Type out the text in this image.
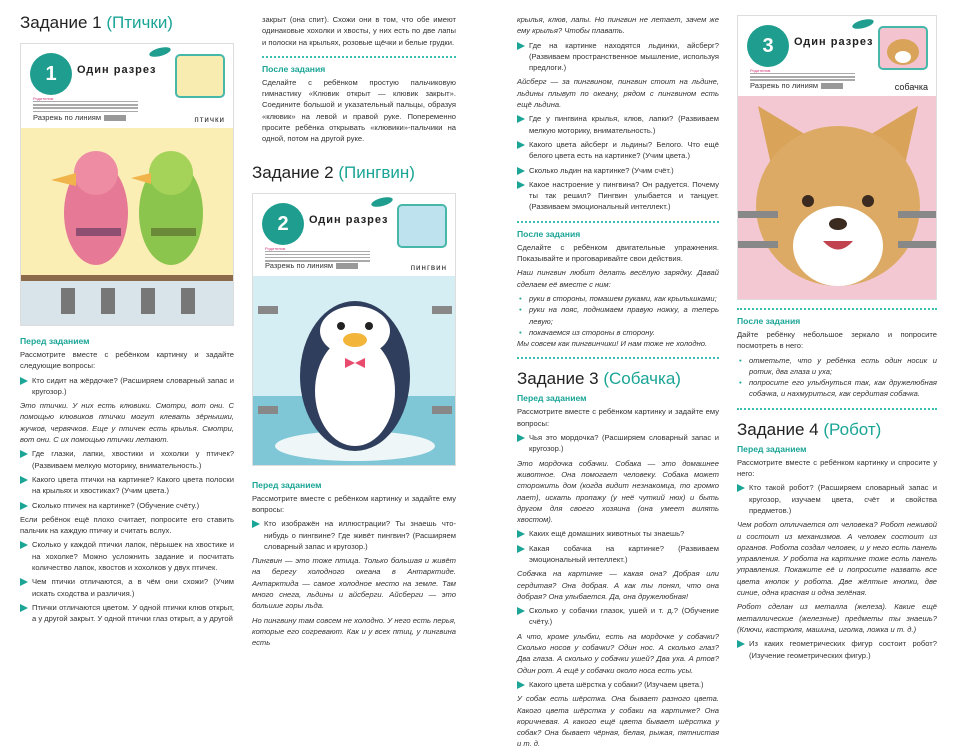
Задание 1 (Птички)
1	Один разрез
Родителям
Разрежь по линиям	птички
Перед заданием
Рассмотрите вместе с ребёнком картинку и задайте следующие вопросы:
Кто сидит на жёрдочке? (Расширяем словарный запас и кругозор.)
Это птички. У них есть клювики. Смотри, вот они. С помощью клювиков птички могут клевать зёрнышки, жучков, червячков. Еще у птичек есть крылья. Смотри, вот они. С их помощью птички летают.
Где глазки, лапки, хвостики и хохолки у птичек? (Развиваем мелкую моторику, внимательность.)
Какого цвета птички на картинке? Какого цвета полоски на крыльях и хвостиках? (Учим цвета.)
Сколько птичек на картинке? (Обучение счёту.)
Если ребёнок ещё плохо считает, попросите его ставить пальчик на каждую птичку и считать вслух.
Сколько у каждой птички лапок, пёрышек на хвостике и на хохолке? Можно усложнить задание и посчитать количество лапок, хвостов и хохолков у двух птичек.
Чем птички отличаются, а в чём они схожи? (Учим искать сходства и различия.)
Птички отличаются цветом. У одной птички клюв открыт, а у другой закрыт. У одной птички глаз открыт, а у другой
закрыт (она спит). Схожи они в том, что обе имеют одинаковые хохолки и хвосты, у них есть по две лапы и полоски на крыльях, розовые щёчки и белые грудки.
После задания
Сделайте с ребёнком простую пальчиковую гимнастику «Клювик открыт — клювик закрыт». Соедините большой и указательный пальцы, образуя «клювик» на левой и правой руке. Попеременно просите ребёнка открывать «клювики»-пальчики на одной, потом на другой руке.
Задание 2 (Пингвин)
2	Один разрез
Родителям
Разрежь по линиям	пингвин
Перед заданием
Рассмотрите вместе с ребёнком картинку и задайте ему вопросы:
Кто изображён на иллюстрации? Ты знаешь что-нибудь о пингвине? Где живёт пингвин? (Расширяем словарный запас и кругозор.)
Пингвин — это тоже птица. Только большая и живёт на берегу холодного океана в Антарктиде. Антарктида — самое холодное место на земле. Там много снега, льдины и айсберги. Айсберги — это большие горы льда.
Но пингвину там совсем не холодно. У него есть перья, которые его согревают. Как и у всех птиц, у пингвина есть
крылья, клюв, лапы. Но пингвин не летает, зачем же ему крылья? Чтобы плавать.
Где на картинке находятся льдинки, айсберг? (Развиваем пространственное мышление, используя предлоги.)
Айсберг — за пингвином, пингвин стоит на льдине, льдины плывут по океану, рядом с пингвином есть ещё льдина.
Где у пингвина крылья, клюв, лапки? (Развиваем мелкую моторику, внимательность.)
Какого цвета айсберг и льдины? Белого. Что ещё белого цвета есть на картинке? (Учим цвета.)
Сколько льдин на картинке? (Учим счёт.)
Какое настроение у пингвина? Он радуется. Почему ты так решил? Пингвин улыбается и танцует. (Развиваем эмоциональный интеллект.)
После задания
Сделайте с ребёнком двигательные упражнения. Показывайте и проговаривайте свои действия.
Наш пингвин любит делать весёлую зарядку. Давай сделаем её вместе с ним:
• руки в стороны, помашем руками, как крылышками;
• руки на пояс, поднимаем правую ножку, а теперь левую;
• покачаемся из стороны в сторону.
Мы совсем как пингвинчики! И нам тоже не холодно.
Задание 3 (Собачка)
Перед заданием
Рассмотрите вместе с ребёнком картинку и задайте ему вопросы:
Чья это мордочка? (Расширяем словарный запас и кругозор.)
Это мордочка собачки. Собака — это домашнее животное. Она помогает человеку. Собака может сторожить дом (когда видит незнакомца, то громко лает), искать пропажу (у неё чуткий нюх) и быть другом для своего хозяина (она умеет вилять хвостом).
Каких ещё домашних животных ты знаешь?
Какая собачка на картинке? (Развиваем эмоциональный интеллект.)
Собачка на картинке — какая она? Добрая или сердитая? Она добрая. А как ты понял, что она добрая? Она улыбается. Да, она дружелюбная!
Сколько у собачки глазок, ушей и т. д.? (Обучение счёту.)
А что, кроме улыбки, есть на мордочке у собачки? Сколько носов у собачки? Один нос. А сколько глаз? Два глаза. А сколько у собачки ушей? Два уха. А ртов? Один рот. А ещё у собачки около носа есть усы.
Какого цвета шёрстка у собаки? (Изучаем цвета.)
У собак есть шёрстка. Она бывает разного цвета. Какого цвета шёрстка у собаки на картинке? Она коричневая. А какого ещё цвета бывает шёрстка у собак? Она бывает чёрная, белая, рыжая, пятнистая и т. д.
3	Один разрез
Родителям
Разрежь по линиям	собачка
После задания
Дайте ребёнку небольшое зеркало и попросите посмотреть в него:
• отметьте, что у ребёнка есть один носик и ротик, два глаза и уха;
• попросите его улыбнуться так, как дружелюбная собачка, и нахмуриться, как сердитая собачка.
Задание 4 (Робот)
Перед заданием
Рассмотрите вместе с ребёнком картинку и спросите у него:
Кто такой робот? (Расширяем словарный запас и кругозор, изучаем цвета, счёт и свойства предметов.)
Чем робот отличается от человека? Робот неживой и состоит из механизмов. А человек состоит из органов. Робота создал человек, и у него есть панель управления. У робота на картинке тоже есть панель управления. Покажите её и попросите назвать все цвета кнопок у робота. Две жёлтые кнопки, две синие, одна красная и одна зелёная.
Робот сделан из металла (железа). Какие ещё металлические (железные) предметы ты знаешь? (Ключи, кастрюля, машина, иголка, ложка и т. д.)
Из каких геометрических фигур состоит робот? (Изучение геометрических фигур.)
